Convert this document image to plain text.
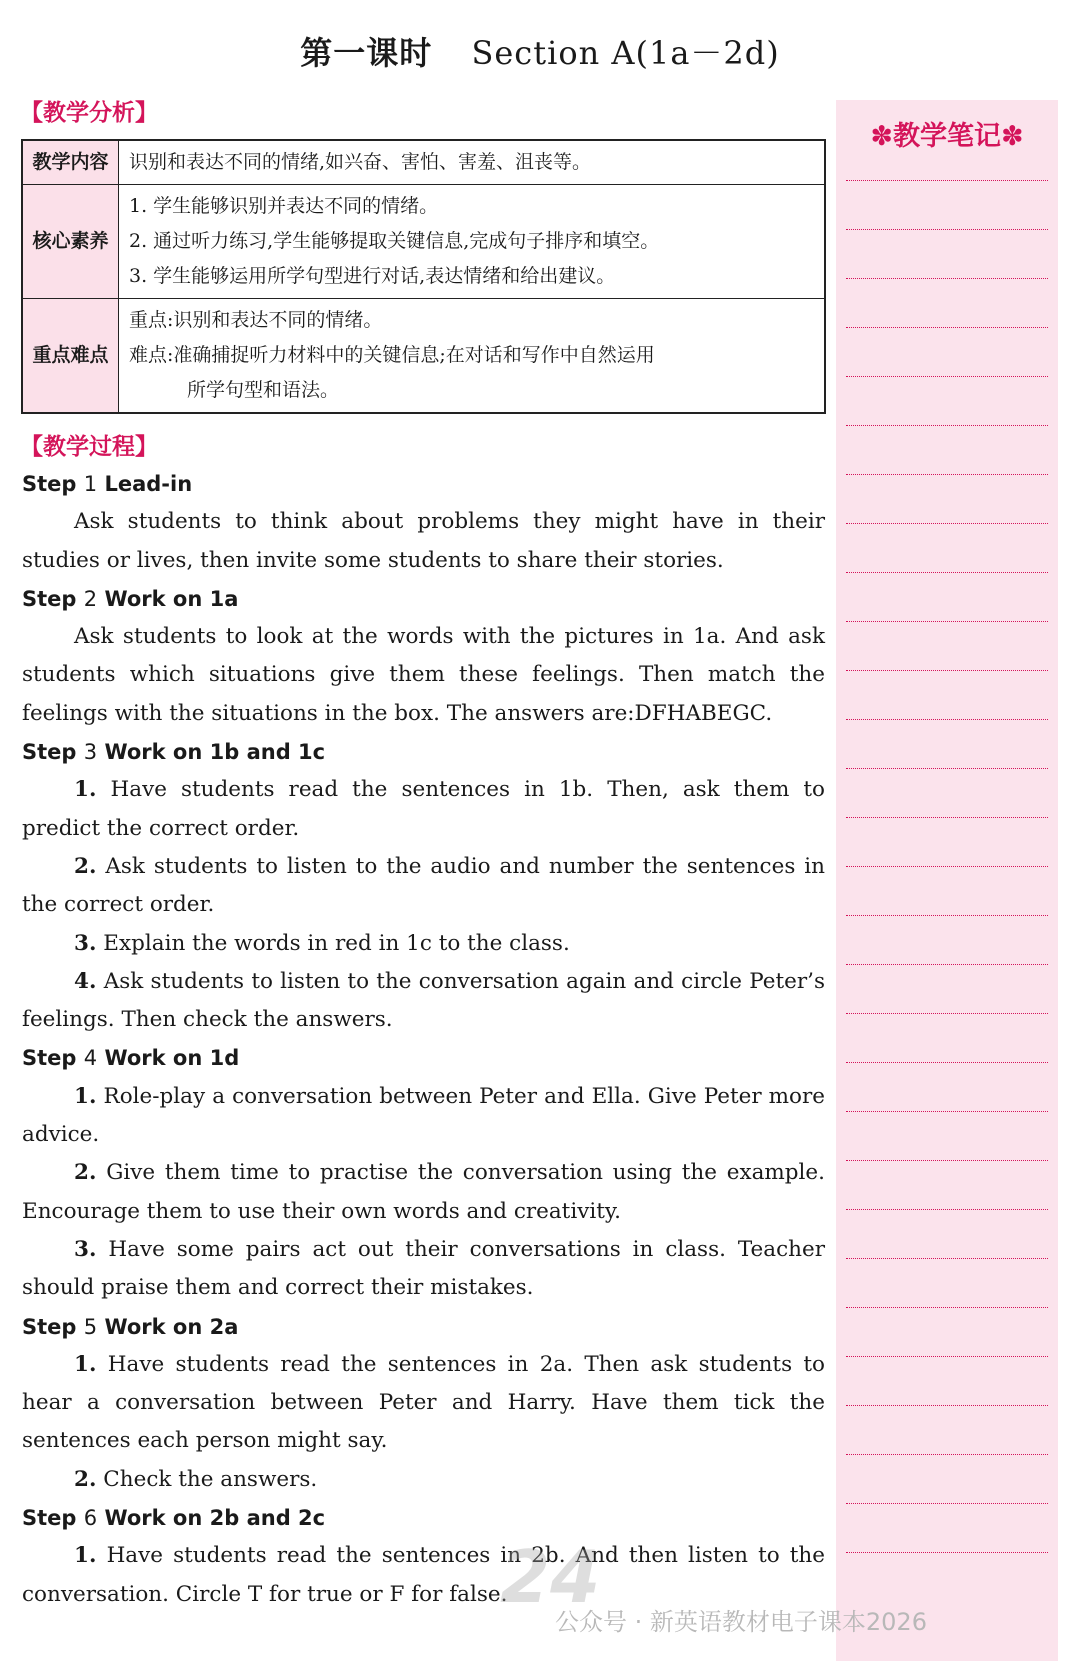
第一课时 Section A(1a－2d)
【教学分析】
教学内容	识别和表达不同的情绪,如兴奋、害怕、害羞、沮丧等。

核心素养	1. 学生能够识别并表达不同的情绪。
2. 通过听力练习,学生能够提取关键信息,完成句子排序和填空。
3. 学生能够运用所学句型进行对话,表达情绪和给出建议。

重点难点	重点:识别和表达不同的情绪。
难点:准确捕捉听力材料中的关键信息;在对话和写作中自然运用
所学句型和语法。
【教学过程】
Step 1 Lead-in

Ask students to think about problems they might have in their studies or lives, then invite some students to share their stories.

Step 2 Work on 1a

Ask students to look at the words with the pictures in 1a. And ask students which situations give them these feelings. Then match the feelings with the situations in the box. The answers are:DFHABEGC.

Step 3 Work on 1b and 1c

1. Have students read the sentences in 1b. Then, ask them to predict the correct order.

2. Ask students to listen to the audio and number the sentences in the correct order.

3. Explain the words in red in 1c to the class.

4. Ask students to listen to the conversation again and circle Peter’s feelings. Then check the answers.

Step 4 Work on 1d

1. Role-play a conversation between Peter and Ella. Give Peter more advice.

2. Give them time to practise the conversation using the example. Encourage them to use their own words and creativity.

3. Have some pairs act out their conversations in class. Teacher should praise them and correct their mistakes.

Step 5 Work on 2a

1. Have students read the sentences in 2a. Then ask students to hear a conversation between Peter and Harry. Have them tick the sentences each person might say.

2. Check the answers.

Step 6 Work on 2b and 2c

1. Have students read the sentences in 2b. And then listen to the conversation. Circle T for true or F for false.

✽教学笔记✽
24
公众号 · 新英语教材电子课本2026
